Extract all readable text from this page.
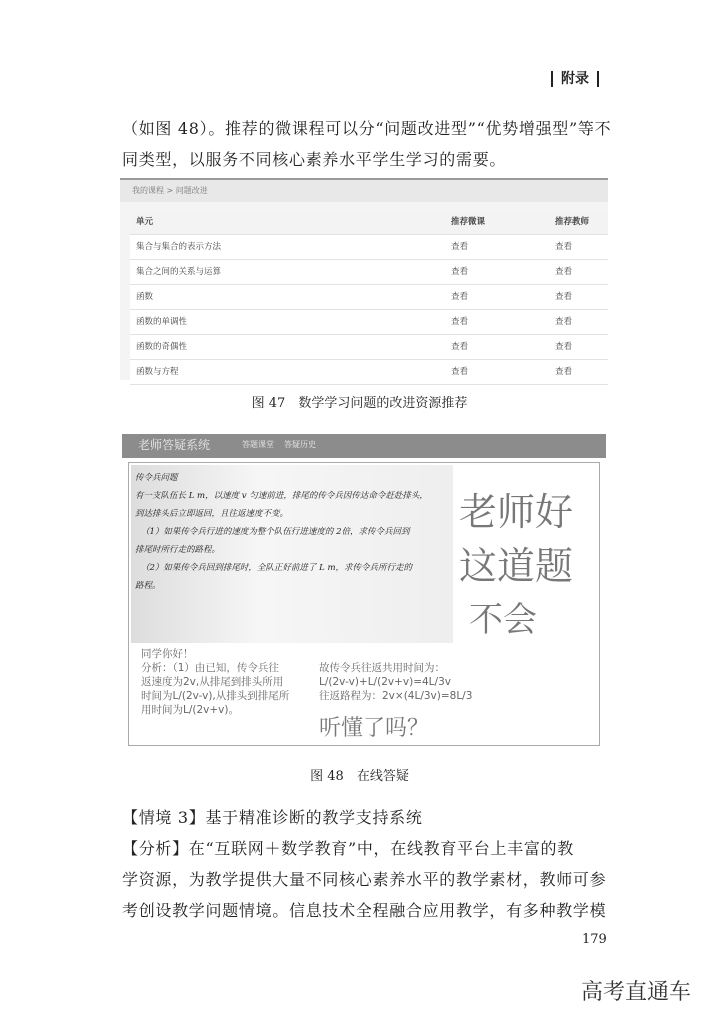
附录
（如图 48）。推荐的微课程可以分“问题改进型”“优势增强型”等不
同类型，以服务不同核心素养水平学生学习的需要。
我的课程 > 问题改进
单元	推荐微课	推荐教师
集合与集合的表示方法	查看	查看
集合之间的关系与运算	查看	查看
函数	查看	查看
函数的单调性	查看	查看
函数的奇偶性	查看	查看
函数与方程	查看	查看
图 47　数学学习问题的改进资源推荐
老师答疑系统	答题课堂 答疑历史
传令兵问题
有一支队伍长 L m，以速度 v 匀速前进，排尾的传令兵因传达命令赶赴排头，
到达排头后立即返回，且往返速度不变。
（1）如果传令兵行进的速度为整个队伍行进速度的 2倍，求传令兵回到
排尾时所行走的路程。
（2）如果传令兵回到排尾时，全队正好前进了 L m，求传令兵所行走的
路程。
老师好
这道题
不会
同学你好！
分析：（1）由已知，传令兵往
返速度为2v,从排尾到排头所用
时间为L/(2v-v),从排头到排尾所
用时间为L/(2v+v)。
故传令兵往返共用时间为：
L/(2v-v)+L/(2v+v)=4L/3v
往返路程为：2v×(4L/3v)=8L/3
听懂了吗？
图 48　在线答疑
【情境 3】基于精准诊断的教学支持系统
【分析】在“互联网＋数学教育”中，在线教育平台上丰富的教
学资源，为教学提供大量不同核心素养水平的教学素材，教师可参
考创设教学问题情境。信息技术全程融合应用教学，有多种教学模
179
高考直通车
